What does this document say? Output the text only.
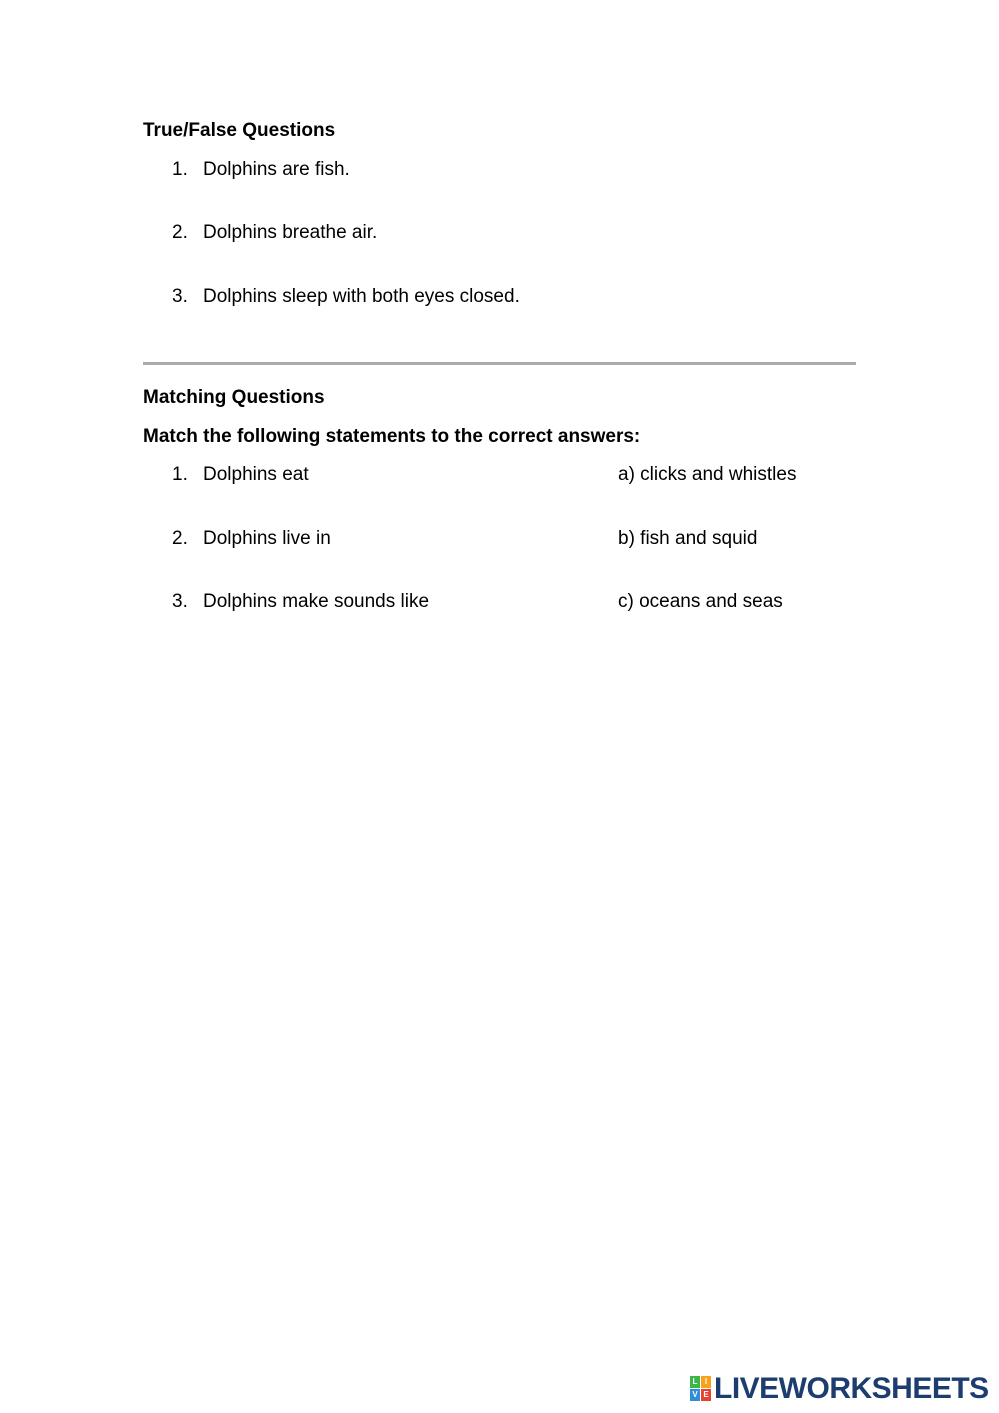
True/False Questions
1. Dolphins are fish.
2. Dolphins breathe air.
3. Dolphins sleep with both eyes closed.
Matching Questions

Match the following statements to the correct answers:

1. Dolphins eat	a) clicks and whistles
2. Dolphins live in	b) fish and squid
3. Dolphins make sounds like	c) oceans and seas
L I
V E LIVEWORKSHEETS
